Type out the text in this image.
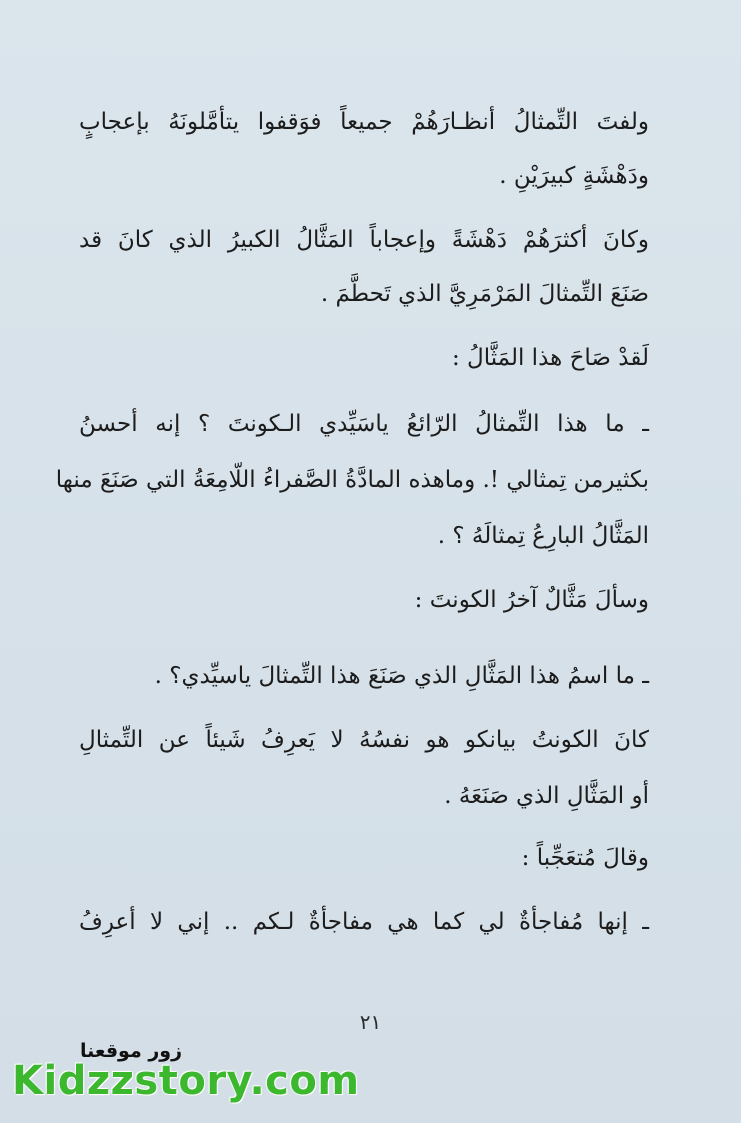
ولفتَ التِّمثالُ أنظـارَهُمْ جميعاً فوَقفوا يتأمَّلونَهُ بإعجابٍ
ودَهْشَةٍ كبيرَيْنِ .
وكانَ أكثرَهُمْ دَهْشَةً وإعجاباً المَثَّالُ الكبيرُ الذي كانَ قد
صَنَعَ التِّمثالَ المَرْمَرِيَّ الذي تَحطَّمَ .
لَقدْ صَاحَ هذا المَثَّالُ :
ـ ما هذا التِّمثالُ الرّائعُ ياسَيِّدي الـكونتَ ؟ إنه أحسنُ
بكثيرمن تِمثالي !. وماهذه المادَّةُ الصَّفراءُ اللّامِعَةُ التي صَنَعَ منها
المَثَّالُ البارِعُ تِمثالَهُ ؟ .
وسألَ مَثَّالٌ آخرُ الكونتَ :
ـ ما اسمُ هذا المَثَّالِ الذي صَنَعَ هذا التِّمثالَ ياسيِّدي؟ .
كانَ الكونتُ بيانكو هو نفسُهُ لا يَعرِفُ شَيئاً عن التِّمثالِ
أو المَثَّالِ الذي صَنَعَهُ .
وقالَ مُتعَجِّباً :
ـ إنها مُفاجأةٌ لي كما هي مفاجأةٌ لـكم .. إني لا أعرِفُ
٢١
زور موقعنا
Kidzzstory.com
